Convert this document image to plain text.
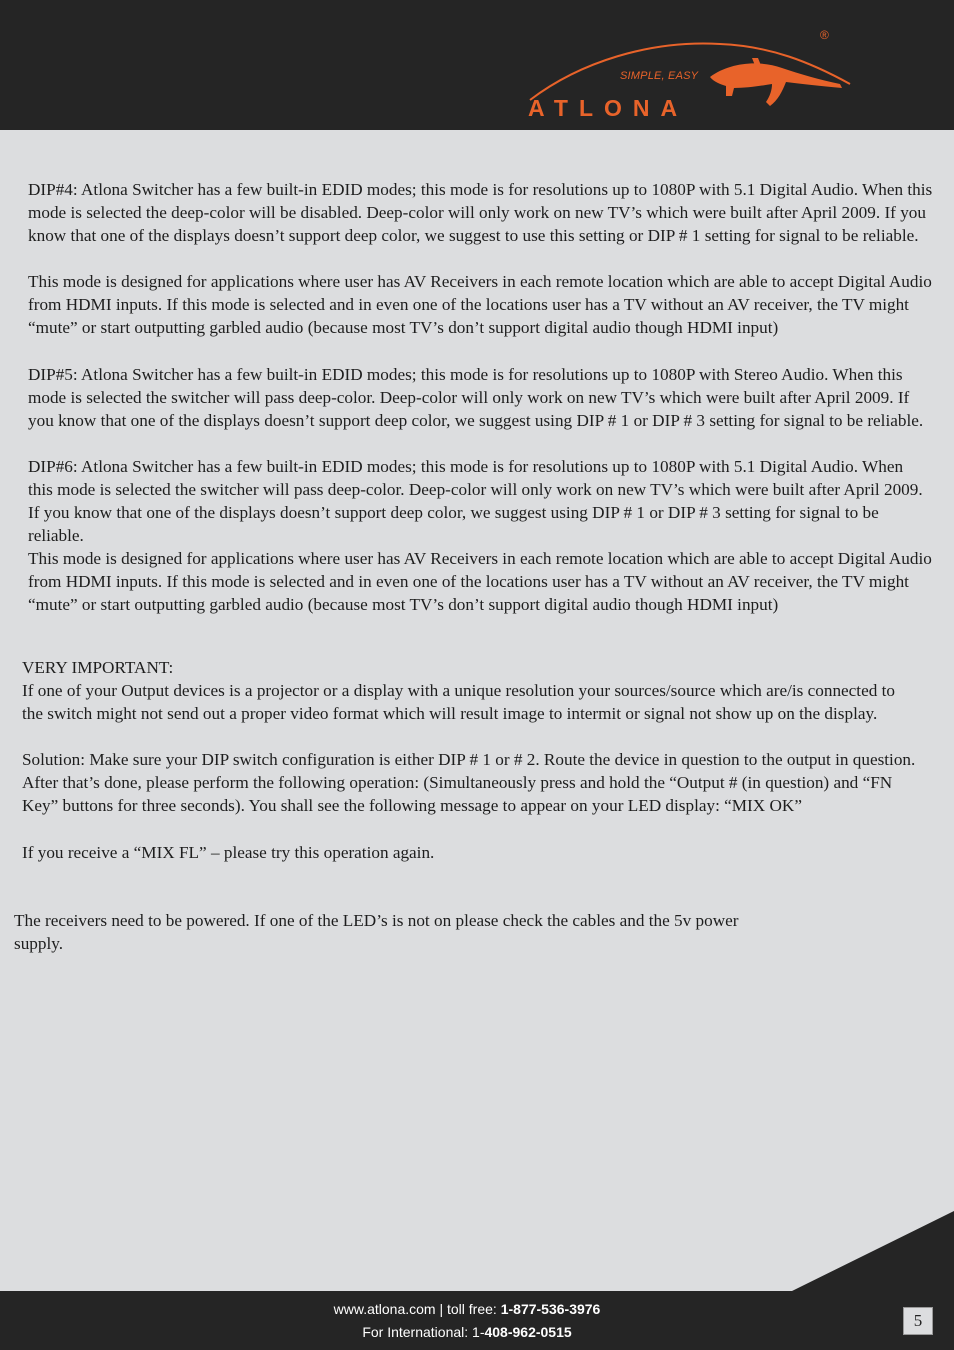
SIMPLE, EASY
ATLONA
®

DIP#4: Atlona Switcher has a few built-in EDID modes; this mode is for resolutions up to 1080P with 5.1 Digital Audio. When this mode is selected the deep-color will be disabled. Deep-color will only work on new TV’s which were built after April 2009. If you know that one of the displays doesn’t support deep color, we suggest to use this setting or DIP # 1 setting for signal to be reliable.

This mode is designed for applications where user has AV Receivers in each remote location which are able to accept Digital Audio from HDMI inputs. If this mode is selected and in even one of the locations user has a TV without an AV receiver, the TV might “mute” or start outputting garbled audio (because most TV’s don’t support digital audio though HDMI input)

DIP#5: Atlona Switcher has a few built-in EDID modes; this mode is for resolutions up to 1080P with Stereo Audio. When this mode is selected the switcher will pass deep-color. Deep-color will only work on new TV’s which were built after April 2009. If you know that one of the displays doesn’t support deep color, we suggest using DIP # 1 or DIP # 3 setting for signal to be reliable.

DIP#6: Atlona Switcher has a few built-in EDID modes; this mode is for resolutions up to 1080P with 5.1 Digital Audio. When this mode is selected the switcher will pass deep-color. Deep-color will only work on new TV’s which were built after April 2009. If you know that one of the displays doesn’t support deep color, we suggest using DIP # 1 or DIP # 3 setting for signal to be reliable.

This mode is designed for applications where user has AV Receivers in each remote location which are able to accept Digital Audio from HDMI inputs. If this mode is selected and in even one of the locations user has a TV without an AV receiver, the TV might “mute” or start outputting garbled audio (because most TV’s don’t support digital audio though HDMI input)

VERY IMPORTANT:

If one of your Output devices is a projector or a display with a unique resolution your sources/source which are/is connected to the switch might not send out a proper video format which will result image to intermit or signal not show up on the display.

Solution: Make sure your DIP switch configuration is either DIP # 1 or # 2. Route the device in question to the output in question. After that’s done, please perform the following operation: (Simultaneously press and hold the “Output # (in question) and “FN Key” buttons for three seconds). You shall see the following message to appear on your LED display: “MIX OK”

If you receive a “MIX FL” – please try this operation again.

The receivers need to be powered. If one of the LED’s is not on please check the cables and the 5v power supply.

www.atlona.com | toll free: 1-877-536-3976
For International: 1-408-962-0515
5
